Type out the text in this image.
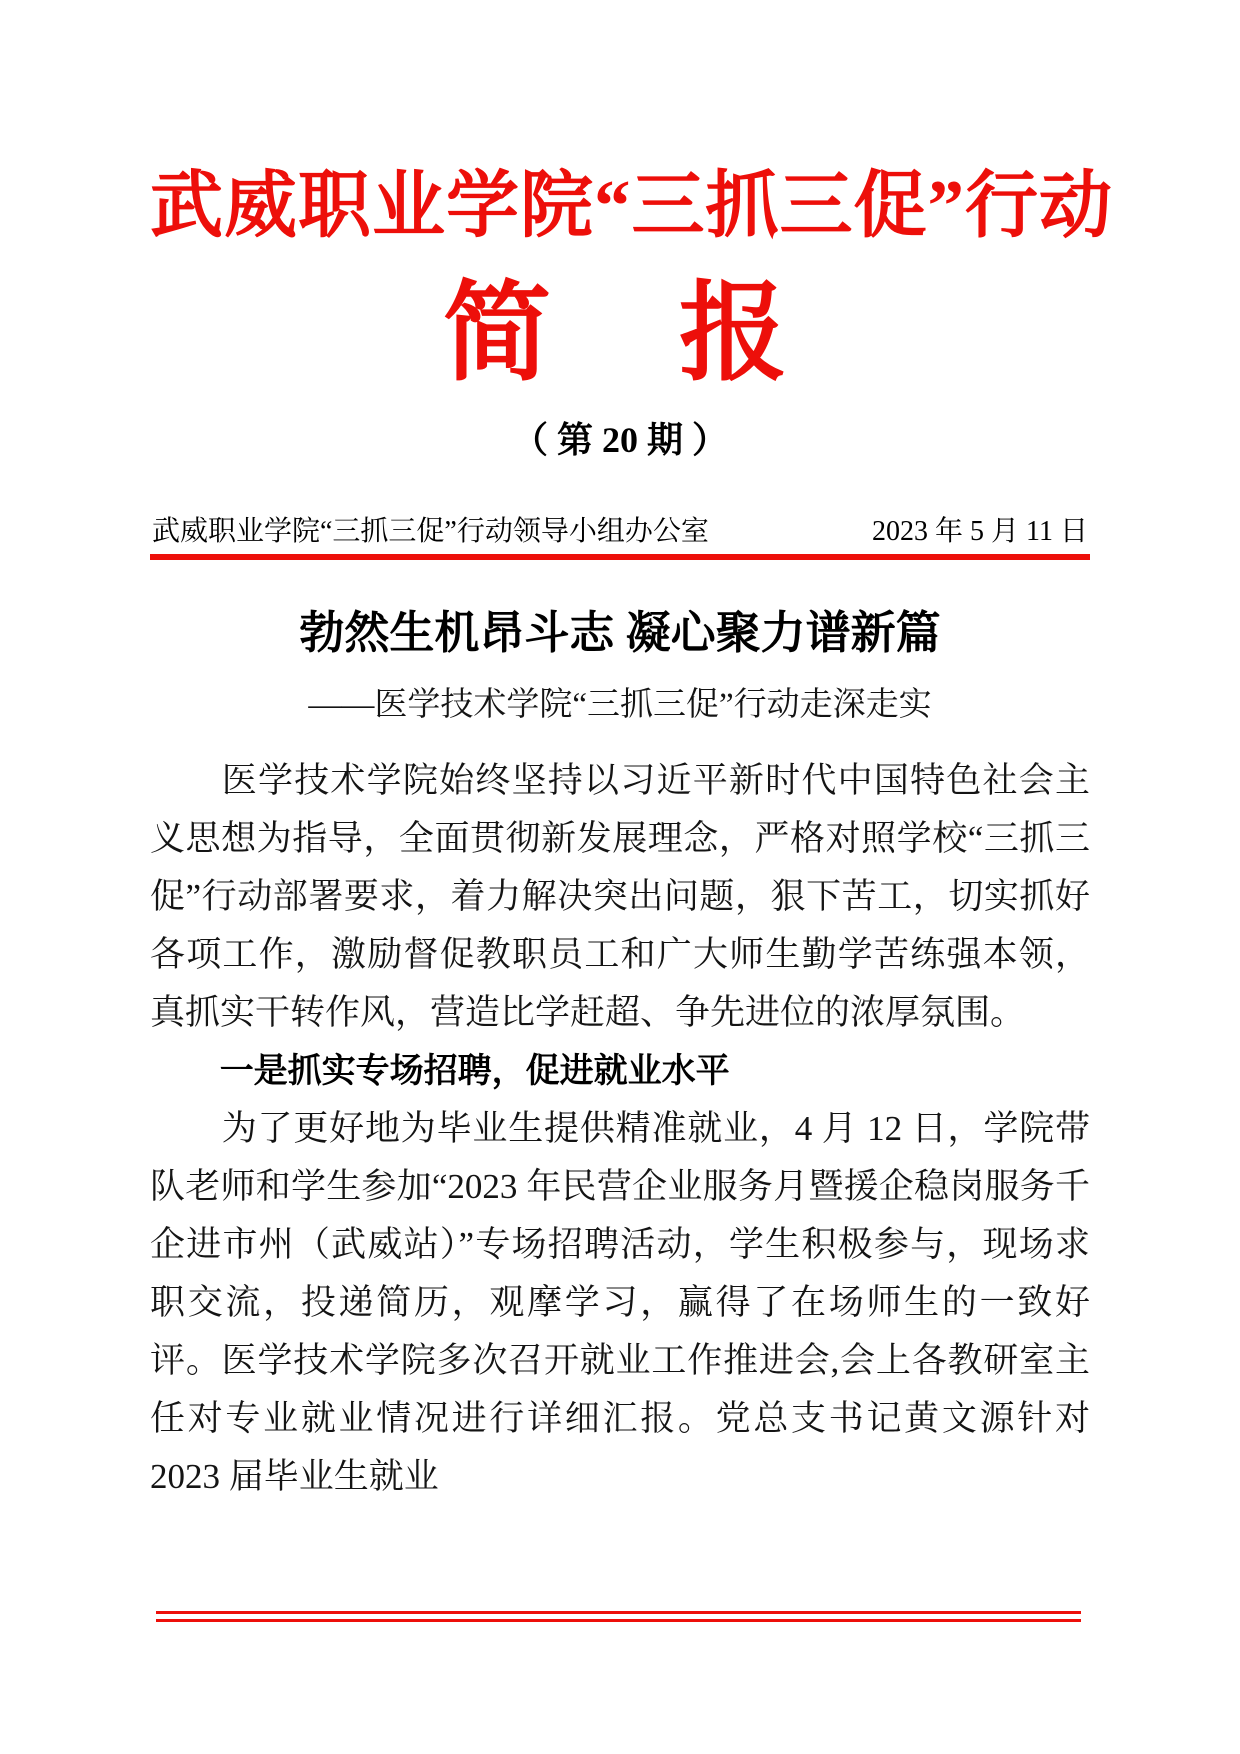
武威职业学院“三抓三促”行动
简　报
（ 第 20 期 ）
武威职业学院“三抓三促”行动领导小组办公室	2023 年 5 月 11 日
勃然生机昂斗志 凝心聚力谱新篇
——医学技术学院“三抓三促”行动走深走实

医学技术学院始终坚持以习近平新时代中国特色社会主义思想为指导，全面贯彻新发展理念，严格对照学校“三抓三促”行动部署要求，着力解决突出问题，狠下苦工，切实抓好各项工作，激励督促教职员工和广大师生勤学苦练强本领，真抓实干转作风，营造比学赶超、争先进位的浓厚氛围。

一是抓实专场招聘，促进就业水平

为了更好地为毕业生提供精准就业，4 月 12 日，学院带队老师和学生参加“2023 年民营企业服务月暨援企稳岗服务千企进市州（武威站）”专场招聘活动，学生积极参与，现场求职交流，投递简历，观摩学习，赢得了在场师生的一致好评。医学技术学院多次召开就业工作推进会,会上各教研室主任对专业就业情况进行详细汇报。党总支书记黄文源针对 2023 届毕业生就业
